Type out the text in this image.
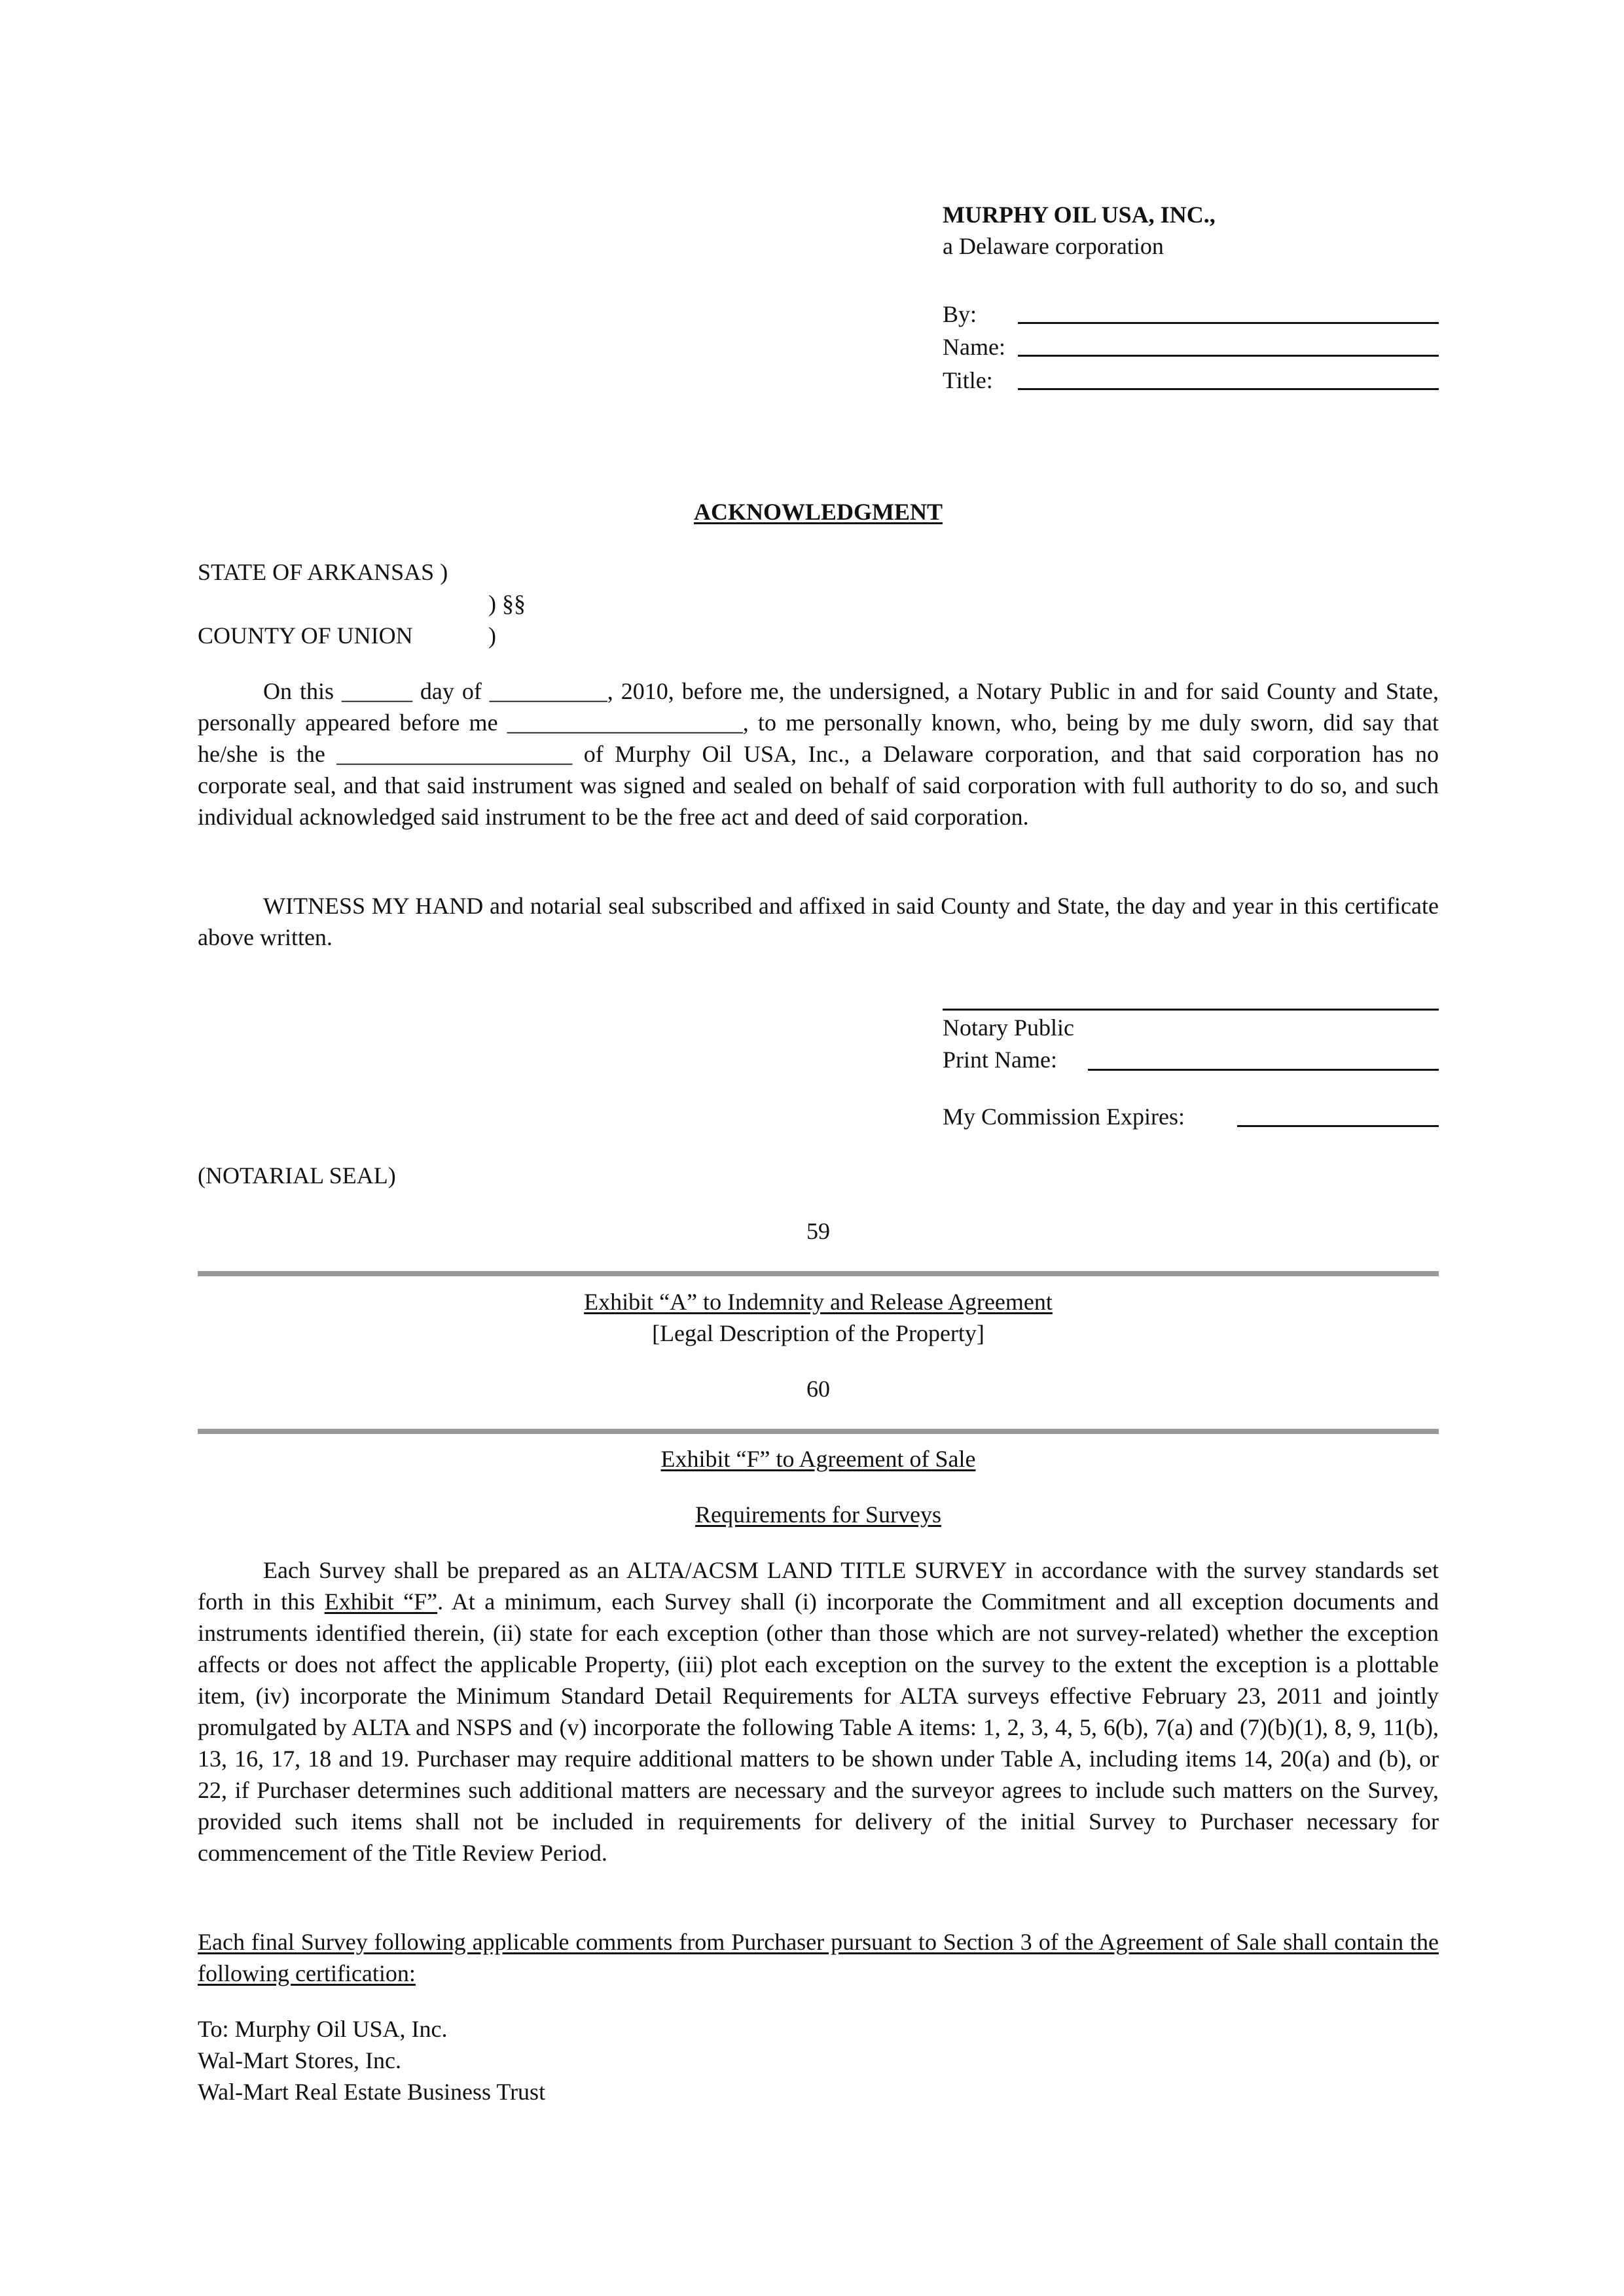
MURPHY OIL USA, INC.,
a Delaware corporation
By:
Name:
Title:
ACKNOWLEDGMENT
STATE OF ARKANSAS )
) §§
COUNTY OF UNION	)
On this ______ day of __________, 2010, before me, the undersigned, a Notary Public in and for said County and State, personally appeared before me ____________________, to me personally known, who, being by me duly sworn, did say that he/she is the ____________________ of Murphy Oil USA, Inc., a Delaware corporation, and that said corporation has no corporate seal, and that said instrument was signed and sealed on behalf of said corporation with full authority to do so, and such individual acknowledged said instrument to be the free act and deed of said corporation.
WITNESS MY HAND and notarial seal subscribed and affixed in said County and State, the day and year in this certificate above written.
Notary Public
Print Name:
My Commission Expires:
(NOTARIAL SEAL)
59
Exhibit “A” to Indemnity and Release Agreement
[Legal Description of the Property]
60
Exhibit “F” to Agreement of Sale
Requirements for Surveys
Each Survey shall be prepared as an ALTA/ACSM LAND TITLE SURVEY in accordance with the survey standards set forth in this Exhibit “F”. At a minimum, each Survey shall (i) incorporate the Commitment and all exception documents and instruments identified therein, (ii) state for each exception (other than those which are not survey-related) whether the exception affects or does not affect the applicable Property, (iii) plot each exception on the survey to the extent the exception is a plottable item, (iv) incorporate the Minimum Standard Detail Requirements for ALTA surveys effective February 23, 2011 and jointly promulgated by ALTA and NSPS and (v) incorporate the following Table A items: 1, 2, 3, 4, 5, 6(b), 7(a) and (7)(b)(1), 8, 9, 11(b), 13, 16, 17, 18 and 19. Purchaser may require additional matters to be shown under Table A, including items 14, 20(a) and (b), or 22, if Purchaser determines such additional matters are necessary and the surveyor agrees to include such matters on the Survey, provided such items shall not be included in requirements for delivery of the initial Survey to Purchaser necessary for commencement of the Title Review Period.
Each final Survey following applicable comments from Purchaser pursuant to Section 3 of the Agreement of Sale shall contain the following certification:
To: Murphy Oil USA, Inc.
Wal-Mart Stores, Inc.
Wal-Mart Real Estate Business Trust
